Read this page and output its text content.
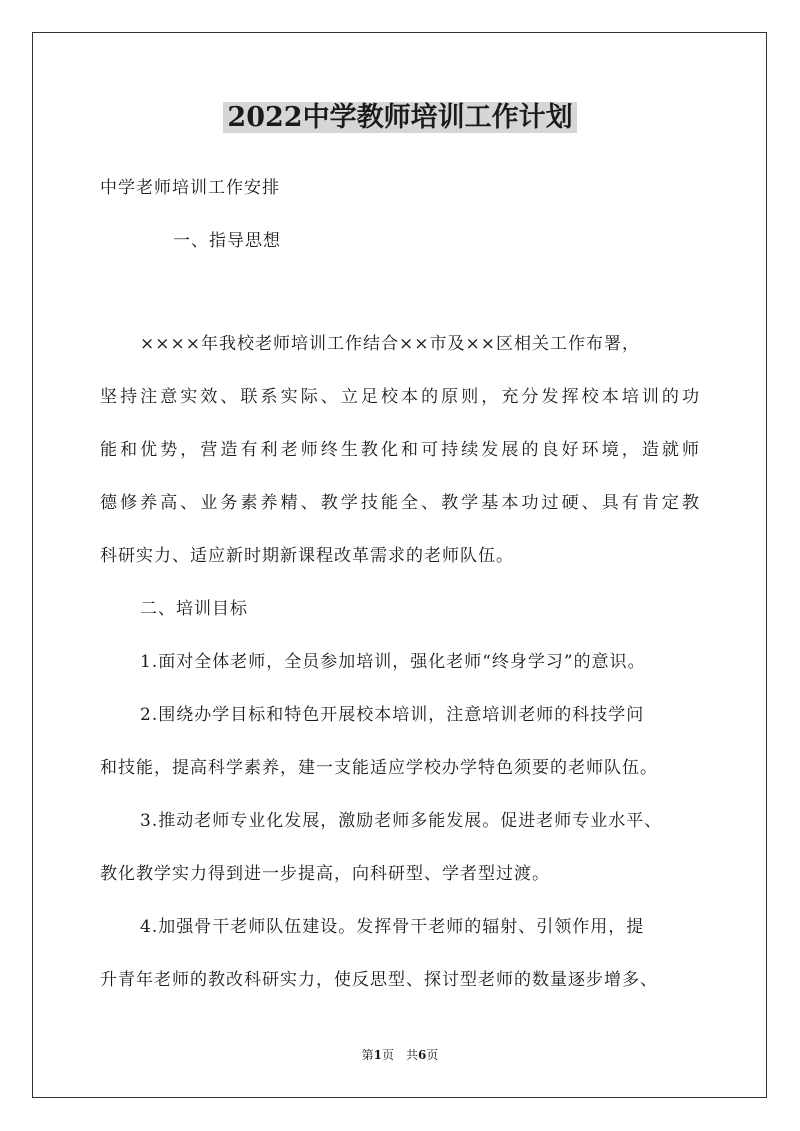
2022中学教师培训工作计划
中学老师培训工作安排
一、指导思想
××××年我校老师培训工作结合××市及××区相关工作布署，
坚持注意实效、联系实际、立足校本的原则，充分发挥校本培训的功
能和优势，营造有利老师终生教化和可持续发展的良好环境，造就师
德修养高、业务素养精、教学技能全、教学基本功过硬、具有肯定教
科研实力、适应新时期新课程改革需求的老师队伍。
二、培训目标
1.面对全体老师，全员参加培训，强化老师“终身学习”的意识。
2.围绕办学目标和特色开展校本培训，注意培训老师的科技学问
和技能，提高科学素养，建一支能适应学校办学特色须要的老师队伍。
3.推动老师专业化发展，激励老师多能发展。促进老师专业水平、
教化教学实力得到进一步提高，向科研型、学者型过渡。
4.加强骨干老师队伍建设。发挥骨干老师的辐射、引领作用，提
升青年老师的教改科研实力，使反思型、探讨型老师的数量逐步增多、
第1页　共6页
